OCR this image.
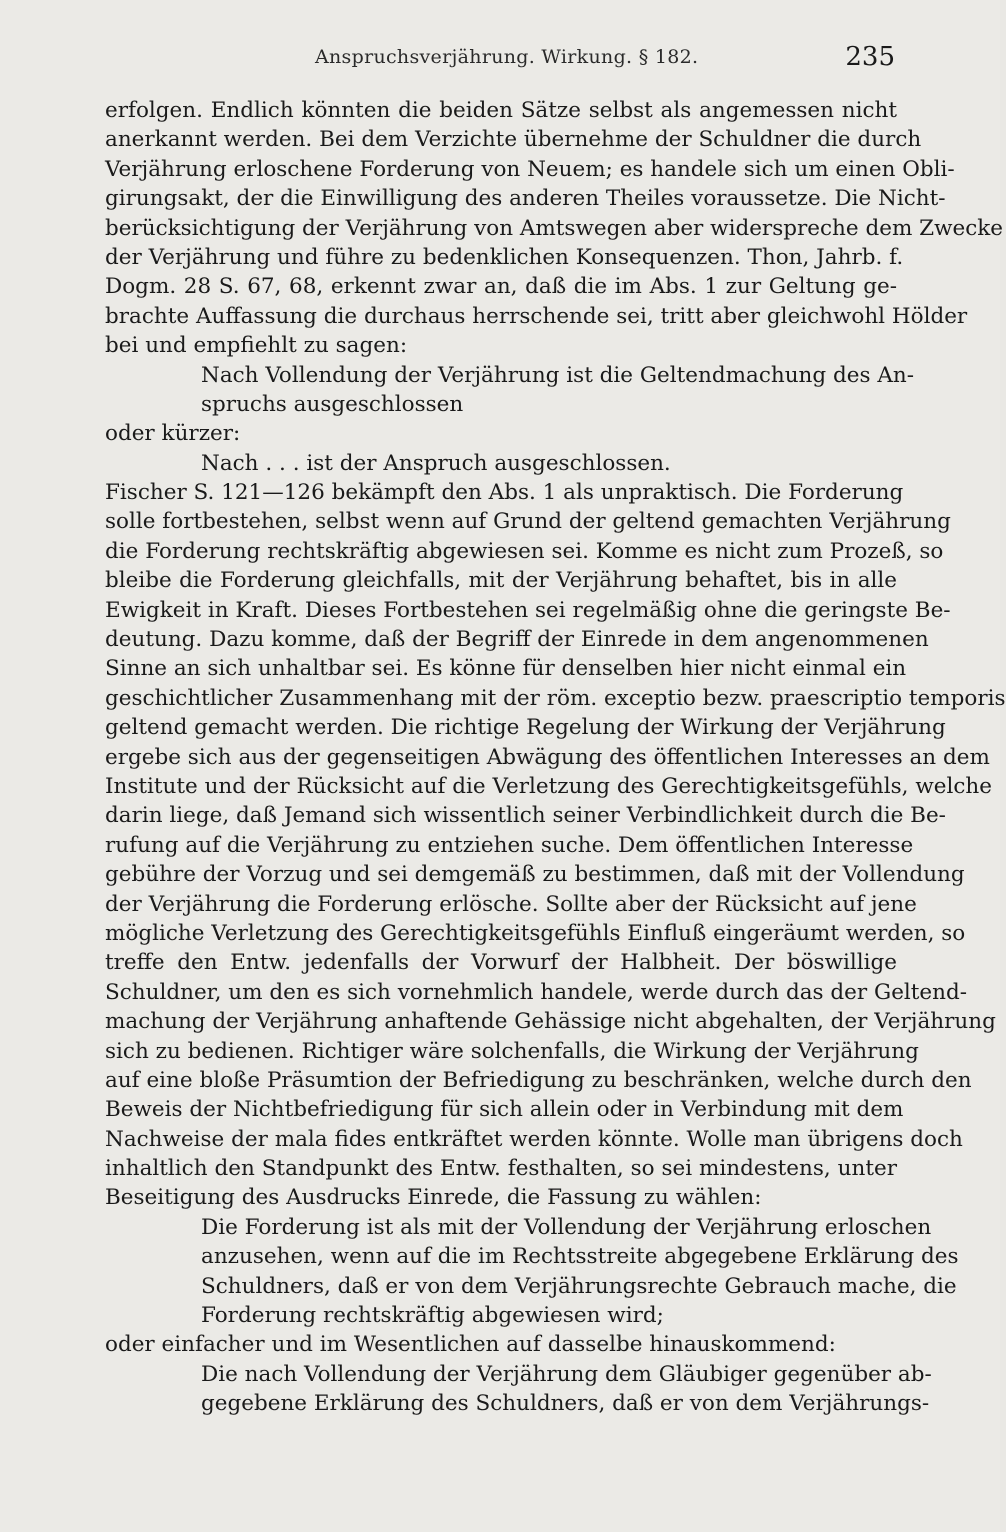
Anspruchsverjährung. Wirkung. § 182.	235
erfolgen. Endlich könnten die beiden Sätze selbst als angemessen nicht
anerkannt werden. Bei dem Verzichte übernehme der Schuldner die durch
Verjährung erloschene Forderung von Neuem; es handele sich um einen Obli-
girungsakt, der die Einwilligung des anderen Theiles voraussetze. Die Nicht-
berücksichtigung der Verjährung von Amtswegen aber widerspreche dem Zwecke
der Verjährung und führe zu bedenklichen Konsequenzen. Thon, Jahrb. f.
Dogm. 28 S. 67, 68, erkennt zwar an, daß die im Abs. 1 zur Geltung ge-
brachte Auffassung die durchaus herrschende sei, tritt aber gleichwohl Hölder
bei und empfiehlt zu sagen:
Nach Vollendung der Verjährung ist die Geltendmachung des An-
spruchs ausgeschlossen
oder kürzer:
Nach . . . ist der Anspruch ausgeschlossen.
Fischer S. 121—126 bekämpft den Abs. 1 als unpraktisch. Die Forderung
solle fortbestehen, selbst wenn auf Grund der geltend gemachten Verjährung
die Forderung rechtskräftig abgewiesen sei. Komme es nicht zum Prozeß, so
bleibe die Forderung gleichfalls, mit der Verjährung behaftet, bis in alle
Ewigkeit in Kraft. Dieses Fortbestehen sei regelmäßig ohne die geringste Be-
deutung. Dazu komme, daß der Begriff der Einrede in dem angenommenen
Sinne an sich unhaltbar sei. Es könne für denselben hier nicht einmal ein
geschichtlicher Zusammenhang mit der röm. exceptio bezw. praescriptio temporis
geltend gemacht werden. Die richtige Regelung der Wirkung der Verjährung
ergebe sich aus der gegenseitigen Abwägung des öffentlichen Interesses an dem
Institute und der Rücksicht auf die Verletzung des Gerechtigkeitsgefühls, welche
darin liege, daß Jemand sich wissentlich seiner Verbindlichkeit durch die Be-
rufung auf die Verjährung zu entziehen suche. Dem öffentlichen Interesse
gebühre der Vorzug und sei demgemäß zu bestimmen, daß mit der Vollendung
der Verjährung die Forderung erlösche. Sollte aber der Rücksicht auf jene
mögliche Verletzung des Gerechtigkeitsgefühls Einfluß eingeräumt werden, so
treffe den Entw. jedenfalls der Vorwurf der Halbheit. Der böswillige
Schuldner, um den es sich vornehmlich handele, werde durch das der Geltend-
machung der Verjährung anhaftende Gehässige nicht abgehalten, der Verjährung
sich zu bedienen. Richtiger wäre solchenfalls, die Wirkung der Verjährung
auf eine bloße Präsumtion der Befriedigung zu beschränken, welche durch den
Beweis der Nichtbefriedigung für sich allein oder in Verbindung mit dem
Nachweise der mala fides entkräftet werden könnte. Wolle man übrigens doch
inhaltlich den Standpunkt des Entw. festhalten, so sei mindestens, unter
Beseitigung des Ausdrucks Einrede, die Fassung zu wählen:
Die Forderung ist als mit der Vollendung der Verjährung erloschen
anzusehen, wenn auf die im Rechtsstreite abgegebene Erklärung des
Schuldners, daß er von dem Verjährungsrechte Gebrauch mache, die
Forderung rechtskräftig abgewiesen wird;
oder einfacher und im Wesentlichen auf dasselbe hinauskommend:
Die nach Vollendung der Verjährung dem Gläubiger gegenüber ab-
gegebene Erklärung des Schuldners, daß er von dem Verjährungs-
